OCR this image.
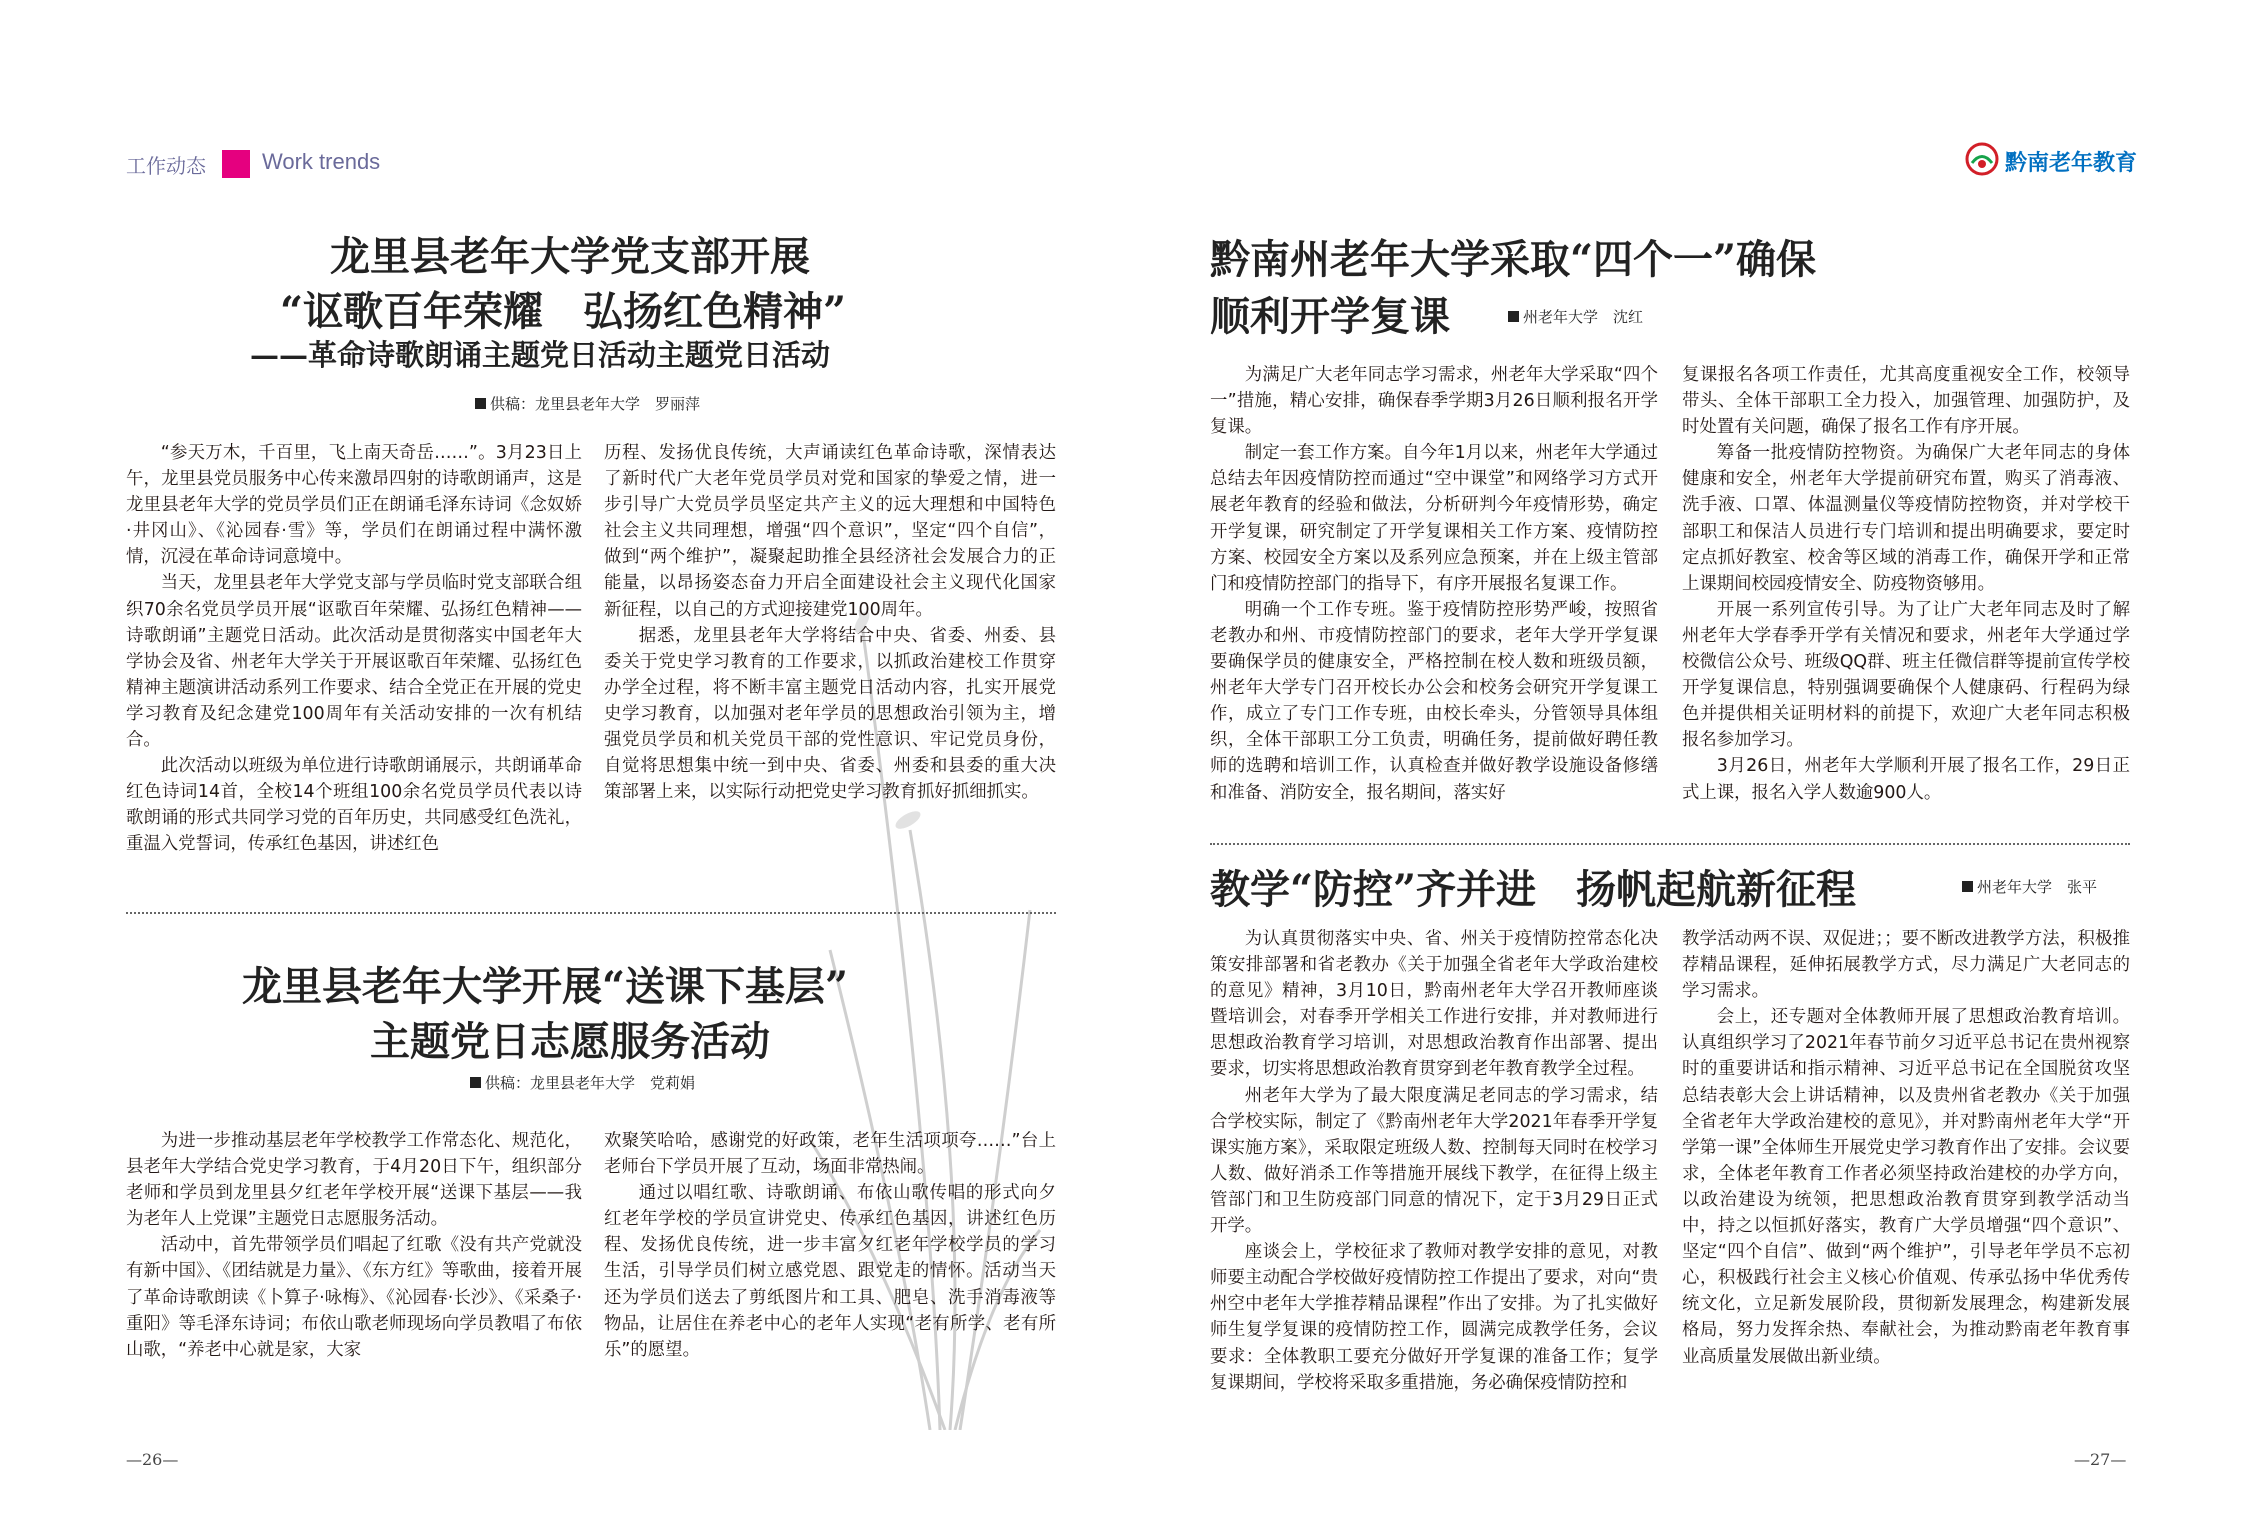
工作动态	Work trends	黔南老年教育
龙里县老年大学党支部开展
“讴歌百年荣耀　弘扬红色精神”
——革命诗歌朗诵主题党日活动主题党日活动
供稿：龙里县老年大学　罗丽萍

“参天万木，千百里，飞上南天奇岳……”。3月23日上午，龙里县党员服务中心传来激昂四射的诗歌朗诵声，这是龙里县老年大学的党员学员们正在朗诵毛泽东诗词《念奴娇·井冈山》、《沁园春·雪》等，学员们在朗诵过程中满怀激情，沉浸在革命诗词意境中。

当天，龙里县老年大学党支部与学员临时党支部联合组织70余名党员学员开展“讴歌百年荣耀、弘扬红色精神——诗歌朗诵”主题党日活动。此次活动是贯彻落实中国老年大学协会及省、州老年大学关于开展讴歌百年荣耀、弘扬红色精神主题演讲活动系列工作要求、结合全党正在开展的党史学习教育及纪念建党100周年有关活动安排的一次有机结合。

此次活动以班级为单位进行诗歌朗诵展示，共朗诵革命红色诗词14首，全校14个班组100余名党员学员代表以诗歌朗诵的形式共同学习党的百年历史，共同感受红色洗礼，重温入党誓词，传承红色基因，讲述红色

历程、发扬优良传统，大声诵读红色革命诗歌，深情表达了新时代广大老年党员学员对党和国家的挚爱之情，进一步引导广大党员学员坚定共产主义的远大理想和中国特色社会主义共同理想，增强“四个意识”，坚定“四个自信”，做到“两个维护”，凝聚起助推全县经济社会发展合力的正能量，以昂扬姿态奋力开启全面建设社会主义现代化国家新征程，以自己的方式迎接建党100周年。

据悉，龙里县老年大学将结合中央、省委、州委、县委关于党史学习教育的工作要求，以抓政治建校工作贯穿办学全过程，将不断丰富主题党日活动内容，扎实开展党史学习教育，以加强对老年学员的思想政治引领为主，增强党员学员和机关党员干部的党性意识、牢记党员身份，自觉将思想集中统一到中央、省委、州委和县委的重大决策部署上来，以实际行动把党史学习教育抓好抓细抓实。

龙里县老年大学开展“送课下基层”
主题党日志愿服务活动
供稿：龙里县老年大学　党莉娟

为进一步推动基层老年学校教学工作常态化、规范化，县老年大学结合党史学习教育，于4月20日下午，组织部分老师和学员到龙里县夕红老年学校开展“送课下基层——我为老年人上党课”主题党日志愿服务活动。

活动中，首先带领学员们唱起了红歌《没有共产党就没有新中国》、《团结就是力量》、《东方红》等歌曲，接着开展了革命诗歌朗读《卜算子·咏梅》、《沁园春·长沙》、《采桑子·重阳》等毛泽东诗词；布依山歌老师现场向学员教唱了布依山歌，“养老中心就是家，大家

欢聚笑哈哈，感谢党的好政策，老年生活项项夸……”台上老师台下学员开展了互动，场面非常热闹。

通过以唱红歌、诗歌朗诵、布依山歌传唱的形式向夕红老年学校的学员宣讲党史、传承红色基因，讲述红色历程、发扬优良传统，进一步丰富夕红老年学校学员的学习生活，引导学员们树立感党恩、跟党走的情怀。活动当天还为学员们送去了剪纸图片和工具、肥皂、洗手消毒液等物品，让居住在养老中心的老年人实现“老有所学、老有所乐”的愿望。

—26—
黔南州老年大学采取“四个一”确保
顺利开学复课	州老年大学　沈红

为满足广大老年同志学习需求，州老年大学采取“四个一”措施，精心安排，确保春季学期3月26日顺利报名开学复课。

制定一套工作方案。自今年1月以来，州老年大学通过总结去年因疫情防控而通过“空中课堂”和网络学习方式开展老年教育的经验和做法，分析研判今年疫情形势，确定开学复课，研究制定了开学复课相关工作方案、疫情防控方案、校园安全方案以及系列应急预案，并在上级主管部门和疫情防控部门的指导下，有序开展报名复课工作。

明确一个工作专班。鉴于疫情防控形势严峻，按照省老教办和州、市疫情防控部门的要求，老年大学开学复课要确保学员的健康安全，严格控制在校人数和班级员额，州老年大学专门召开校长办公会和校务会研究开学复课工作，成立了专门工作专班，由校长牵头，分管领导具体组织，全体干部职工分工负责，明确任务，提前做好聘任教师的选聘和培训工作，认真检查并做好教学设施设备修缮和准备、消防安全，报名期间，落实好

复课报名各项工作责任，尤其高度重视安全工作，校领导带头、全体干部职工全力投入，加强管理、加强防护，及时处置有关问题，确保了报名工作有序开展。

筹备一批疫情防控物资。为确保广大老年同志的身体健康和安全，州老年大学提前研究布置，购买了消毒液、洗手液、口罩、体温测量仪等疫情防控物资，并对学校干部职工和保洁人员进行专门培训和提出明确要求，要定时定点抓好教室、校舍等区域的消毒工作，确保开学和正常上课期间校园疫情安全、防疫物资够用。

开展一系列宣传引导。为了让广大老年同志及时了解州老年大学春季开学有关情况和要求，州老年大学通过学校微信公众号、班级QQ群、班主任微信群等提前宣传学校开学复课信息，特别强调要确保个人健康码、行程码为绿色并提供相关证明材料的前提下，欢迎广大老年同志积极报名参加学习。

3月26日，州老年大学顺利开展了报名工作，29日正式上课，报名入学人数逾900人。

教学“防控”齐并进　扬帆起航新征程	州老年大学　张平

为认真贯彻落实中央、省、州关于疫情防控常态化决策安排部署和省老教办《关于加强全省老年大学政治建校的意见》精神，3月10日，黔南州老年大学召开教师座谈暨培训会，对春季开学相关工作进行安排，并对教师进行思想政治教育学习培训，对思想政治教育作出部署、提出要求，切实将思想政治教育贯穿到老年教育教学全过程。

州老年大学为了最大限度满足老同志的学习需求，结合学校实际，制定了《黔南州老年大学2021年春季开学复课实施方案》，采取限定班级人数、控制每天同时在校学习人数、做好消杀工作等措施开展线下教学，在征得上级主管部门和卫生防疫部门同意的情况下，定于3月29日正式开学。

座谈会上，学校征求了教师对教学安排的意见，对教师要主动配合学校做好疫情防控工作提出了要求，对向“贵州空中老年大学推荐精品课程”作出了安排。为了扎实做好师生复学复课的疫情防控工作，圆满完成教学任务，会议要求：全体教职工要充分做好开学复课的准备工作；复学复课期间，学校将采取多重措施，务必确保疫情防控和

教学活动两不误、双促进；；要不断改进教学方法，积极推荐精品课程，延伸拓展教学方式，尽力满足广大老同志的学习需求。

会上，还专题对全体教师开展了思想政治教育培训。认真组织学习了2021年春节前夕习近平总书记在贵州视察时的重要讲话和指示精神、习近平总书记在全国脱贫攻坚总结表彰大会上讲话精神，以及贵州省老教办《关于加强全省老年大学政治建校的意见》，并对黔南州老年大学“开学第一课”全体师生开展党史学习教育作出了安排。会议要求，全体老年教育工作者必须坚持政治建校的办学方向，以政治建设为统领，把思想政治教育贯穿到教学活动当中，持之以恒抓好落实，教育广大学员增强“四个意识”、坚定“四个自信”、做到“两个维护”，引导老年学员不忘初心，积极践行社会主义核心价值观、传承弘扬中华优秀传统文化，立足新发展阶段，贯彻新发展理念，构建新发展格局，努力发挥余热、奉献社会，为推动黔南老年教育事业高质量发展做出新业绩。

—27—
